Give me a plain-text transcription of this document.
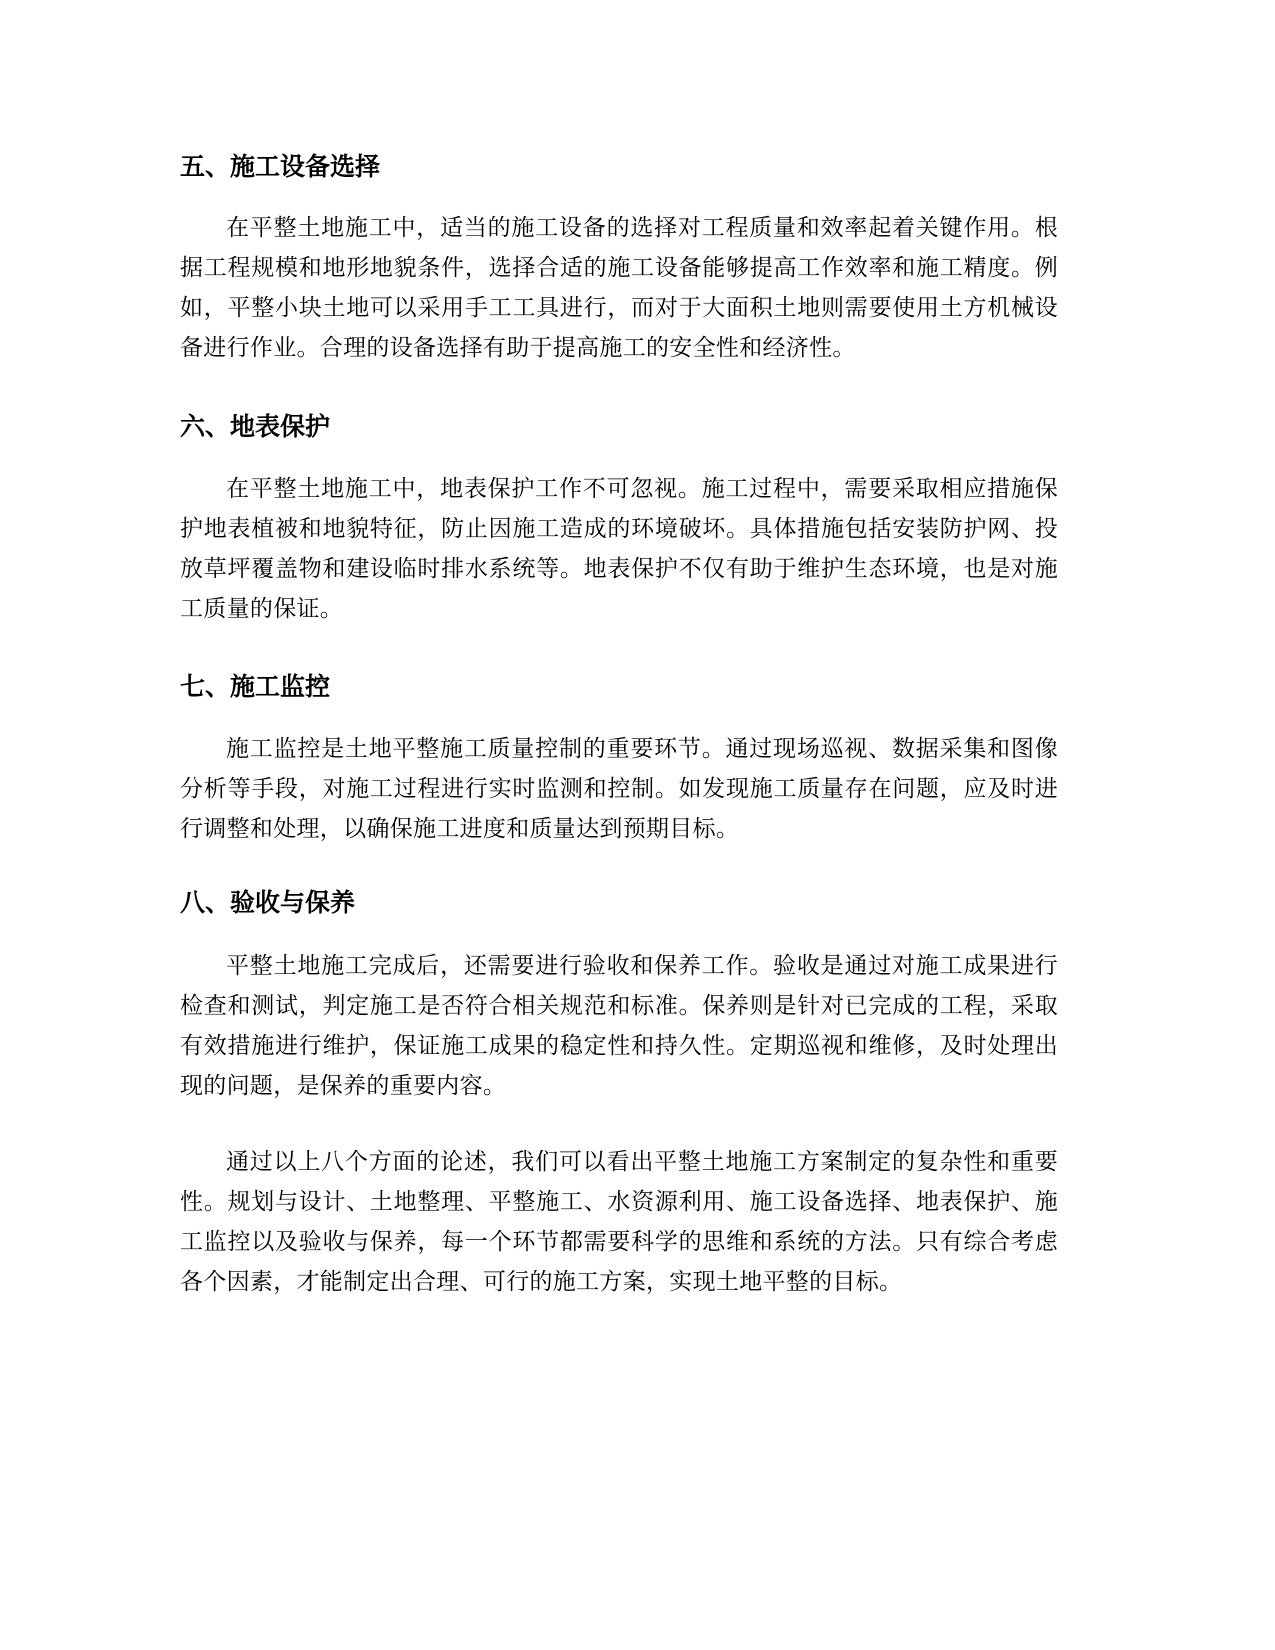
五、施工设备选择

在平整土地施工中，适当的施工设备的选择对工程质量和效率起着关键作用。根据工程规模和地形地貌条件，选择合适的施工设备能够提高工作效率和施工精度。例如，平整小块土地可以采用手工工具进行，而对于大面积土地则需要使用土方机械设备进行作业。合理的设备选择有助于提高施工的安全性和经济性。

六、地表保护

在平整土地施工中，地表保护工作不可忽视。施工过程中，需要采取相应措施保护地表植被和地貌特征，防止因施工造成的环境破坏。具体措施包括安装防护网、投放草坪覆盖物和建设临时排水系统等。地表保护不仅有助于维护生态环境，也是对施工质量的保证。

七、施工监控

施工监控是土地平整施工质量控制的重要环节。通过现场巡视、数据采集和图像分析等手段，对施工过程进行实时监测和控制。如发现施工质量存在问题，应及时进行调整和处理，以确保施工进度和质量达到预期目标。

八、验收与保养

平整土地施工完成后，还需要进行验收和保养工作。验收是通过对施工成果进行检查和测试，判定施工是否符合相关规范和标准。保养则是针对已完成的工程，采取有效措施进行维护，保证施工成果的稳定性和持久性。定期巡视和维修，及时处理出现的问题，是保养的重要内容。

通过以上八个方面的论述，我们可以看出平整土地施工方案制定的复杂性和重要性。规划与设计、土地整理、平整施工、水资源利用、施工设备选择、地表保护、施工监控以及验收与保养，每一个环节都需要科学的思维和系统的方法。只有综合考虑各个因素，才能制定出合理、可行的施工方案，实现土地平整的目标。
